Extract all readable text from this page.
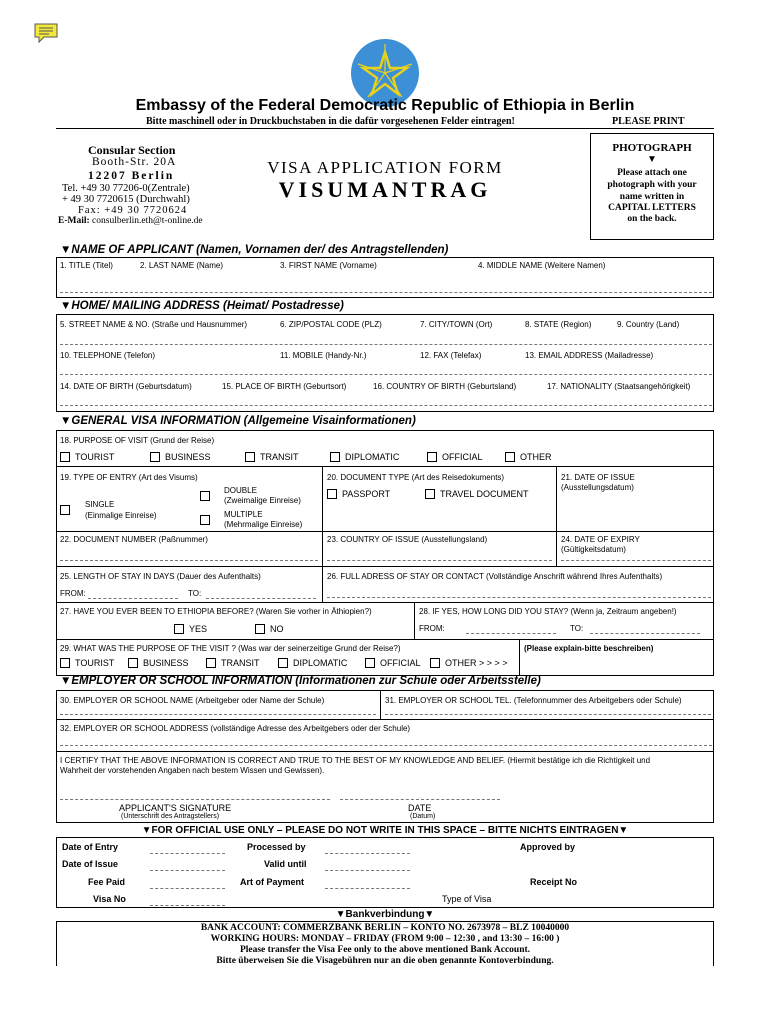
Embassy of the Federal Democratic Republic of Ethiopia in Berlin
Bitte maschinell oder in Druckbuchstaben in die dafür vorgesehenen Felder eintragen!	PLEASE PRINT
Consular Section
Booth-Str. 20A
12207 Berlin
Tel. +49 30 77206-0(Zentrale)
+ 49 30 7720615 (Durchwahl)
Fax: +49 30 7720624
E-Mail: consulberlin.eth@t-online.de
VISA APPLICATION FORM
VISUMANTRAG
PHOTOGRAPH
▼
Please attach one
photograph with your
name written in
CAPITAL LETTERS
on the back.
▼NAME OF APPLICANT (Namen, Vornamen der/ des Antragstellenden)
1. TITLE (Titel)	2. LAST NAME (Name)	3. FIRST NAME (Vorname)	4. MIDDLE NAME (Weitere Namen)
▼HOME/ MAILING ADDRESS (Heimat/ Postadresse)
5. STREET NAME & NO. (Straße und Hausnummer)	6. ZIP/POSTAL CODE (PLZ)	7. CITY/TOWN (Ort)	8. STATE (Region)	9. Country (Land)
10. TELEPHONE (Telefon)	11. MOBILE (Handy-Nr.)	12. FAX (Telefax)	13. EMAIL ADDRESS (Mailadresse)
14. DATE OF BIRTH (Geburtsdatum)	15. PLACE OF BIRTH (Geburtsort)	16. COUNTRY OF BIRTH (Geburtsland)	17. NATIONALITY (Staatsangehörigkeit)
▼GENERAL VISA INFORMATION (Allgemeine Visainformationen)
18. PURPOSE OF VISIT (Grund der Reise)
TOURIST	BUSINESS	TRANSIT	DIPLOMATIC	OFFICIAL	OTHER
19. TYPE OF ENTRY (Art des Visums)
SINGLE
(Einmalige Einreise)
DOUBLE
(Zweimalige Einreise)
MULTIPLE
(Mehrmalige Einreise)
20. DOCUMENT TYPE (Art des Reisedokuments)
PASSPORT	TRAVEL DOCUMENT
21. DATE OF ISSUE
(Ausstellungsdatum)
22. DOCUMENT NUMBER (Paßnummer)	23. COUNTRY OF ISSUE (Ausstellungsland)	24. DATE OF EXPIRY
(Gültigkeitsdatum)
25. LENGTH OF STAY IN DAYS (Dauer des Aufenthalts)
FROM:	TO:
26. FULL ADRESS OF STAY OR CONTACT (Vollständige Anschrift während Ihres Aufenthalts)
27. HAVE YOU EVER BEEN TO ETHIOPIA BEFORE? (Waren Sie vorher in Äthiopien?)
YES	NO
28. IF YES, HOW LONG DID YOU STAY? (Wenn ja, Zeitraum angeben!)
FROM:	TO:
29. WHAT WAS THE PURPOSE OF THE VISIT ? (Was war der seinerzeitige Grund der Reise?)	(Please explain-bitte beschreiben)
TOURIST	BUSINESS	TRANSIT	DIPLOMATIC	OFFICIAL	OTHER > > > >
▼EMPLOYER OR SCHOOL INFORMATION (Informationen zur Schule oder Arbeitsstelle)
30. EMPLOYER OR SCHOOL NAME (Arbeitgeber oder Name der Schule)	31. EMPLOYER OR SCHOOL TEL. (Telefonnummer des Arbeitgebers oder Schule)
32. EMPLOYER OR SCHOOL ADDRESS (vollständige Adresse des Arbeitgebers oder der Schule)
I CERTIFY THAT THE ABOVE INFORMATION IS CORRECT AND TRUE TO THE BEST OF MY KNOWLEDGE AND BELIEF. (Hiermit bestätige ich die Richtigkeit und
Wahrheit der vorstehenden Angaben nach bestem Wissen und Gewissen).
APPLICANT'S SIGNATURE
(Unterschrift des Antragstellers)
DATE
(Datum)
▼FOR OFFICIAL USE ONLY – PLEASE DO NOT WRITE IN THIS SPACE – BITTE NICHTS EINTRAGEN▼
Date of Entry	Processed by	Approved by
Date of Issue	Valid until
Fee Paid	Art of Payment	Receipt No
Visa No	Type of Visa
▼Bankverbindung▼
BANK ACCOUNT: COMMERZBANK BERLIN – KONTO NO. 2673978 – BLZ 10040000
WORKING HOURS: MONDAY – FRIDAY (FROM 9:00 – 12:30 , and 13:30 – 16:00 )
Please transfer the Visa Fee only to the above mentioned Bank Account.
Bitte überweisen Sie die Visagebühren nur an die oben genannte Kontoverbindung.
